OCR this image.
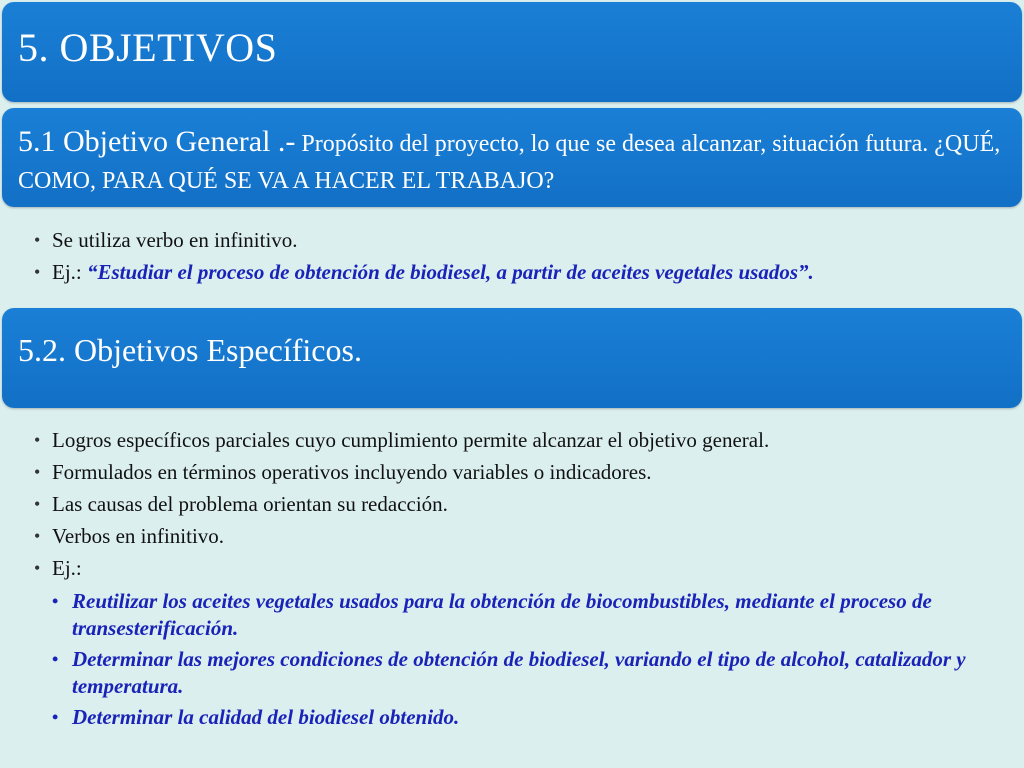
5. OBJETIVOS
5.1 Objetivo General .- Propósito del proyecto, lo que se desea alcanzar, situación futura. ¿QUÉ, COMO, PARA QUÉ SE VA A HACER EL TRABAJO?
• Se utiliza verbo en infinitivo.
• Ej.: “Estudiar el proceso de obtención de biodiesel, a partir de aceites vegetales usados”.
5.2. Objetivos Específicos.
• Logros específicos parciales cuyo cumplimiento permite alcanzar el objetivo general.
• Formulados en términos operativos incluyendo variables o indicadores.
• Las causas del problema orientan su redacción.
• Verbos en infinitivo.
• Ej.:
• Reutilizar los aceites vegetales usados para la obtención de biocombustibles, mediante el proceso de transesterificación.
• Determinar las mejores condiciones de obtención de biodiesel, variando el tipo de alcohol, catalizador y temperatura.
• Determinar la calidad del biodiesel obtenido.
